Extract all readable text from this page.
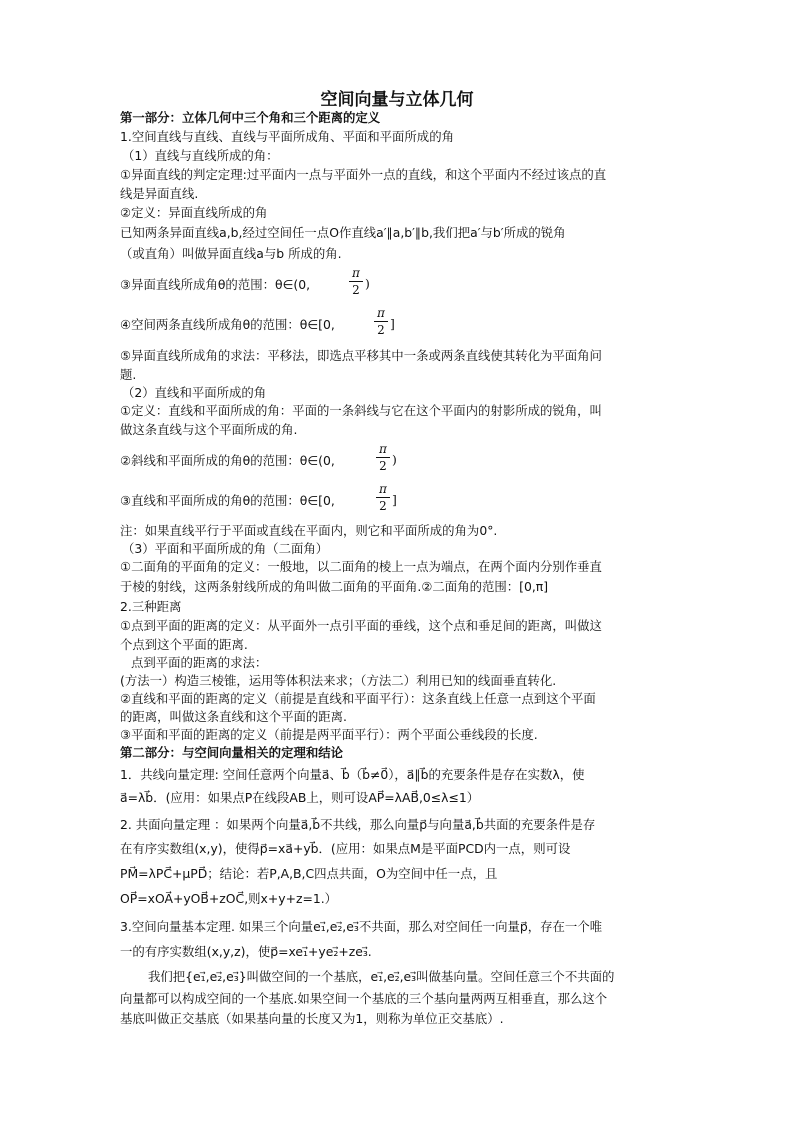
空间向量与立体几何
第一部分：立体几何中三个角和三个距离的定义
1.空间直线与直线、直线与平面所成角、平面和平面所成的角
（1）直线与直线所成的角：
①异面直线的判定定理:过平面内一点与平面外一点的直线，和这个平面内不经过该点的直
线是异面直线.
②定义：异面直线所成的角
已知两条异面直线a,b,经过空间任一点O作直线a′∥a,b′∥b,我们把a′与b′所成的锐角
（或直角）叫做异面直线a与b 所成的角.
③异面直线所成角θ的范围：θ∈(0,
π
2 )
④空间两条直线所成角θ的范围：θ∈[0,
π
2 ]
⑤异面直线所成角的求法：平移法，即选点平移其中一条或两条直线使其转化为平面角问
题.
（2）直线和平面所成的角
①定义：直线和平面所成的角：平面的一条斜线与它在这个平面内的射影所成的锐角，叫
做这条直线与这个平面所成的角.
②斜线和平面所成的角θ的范围：θ∈(0,
π
2 )
③直线和平面所成的角θ的范围：θ∈[0,
π
2 ]
注：如果直线平行于平面或直线在平面内，则它和平面所成的角为0°.
（3）平面和平面所成的角（二面角）
①二面角的平面角的定义：一般地，以二面角的棱上一点为端点，在两个面内分别作垂直
于棱的射线，这两条射线所成的角叫做二面角的平面角.②二面角的范围：[0,π]
2.三种距离
①点到平面的距离的定义：从平面外一点引平面的垂线，这个点和垂足间的距离，叫做这
个点到这个平面的距离.
点到平面的距离的求法：
(方法一）构造三棱锥，运用等体积法来求；（方法二）利用已知的线面垂直转化.
②直线和平面的距离的定义（前提是直线和平面平行）：这条直线上任意一点到这个平面
的距离，叫做这条直线和这个平面的距离.
③平面和平面的距离的定义（前提是两平面平行）：两个平面公垂线段的长度.
第二部分：与空间向量相关的定理和结论
1．共线向量定理: 空间任意两个向量a⃗、b⃗（b⃗≠0⃗），a⃗∥b⃗的充要条件是存在实数λ，使
a⃗=λb⃗．(应用：如果点P在线段AB上，则可设AP⃗=λAB⃗,0≤λ≤1）
2. 共面向量定理 ：如果两个向量a⃗,b⃗不共线，那么向量p⃗与向量a⃗,b⃗共面的充要条件是存
在有序实数组(x,y)，使得p⃗=xa⃗+yb⃗．(应用：如果点M是平面PCD内一点，则可设
PM⃗=λPC⃗+μPD⃗；结论：若P,A,B,C四点共面，O为空间中任一点，且
OP⃗=xOA⃗+yOB⃗+zOC⃗,则x+y+z=1.）
3.空间向量基本定理. 如果三个向量e₁⃗,e₂⃗,e₃⃗不共面，那么对空间任一向量p⃗，存在一个唯
一的有序实数组(x,y,z)，使p⃗=xe₁⃗+ye₂⃗+ze₃⃗.
我们把{e₁⃗,e₂⃗,e₃⃗}叫做空间的一个基底，e₁⃗,e₂⃗,e₃⃗叫做基向量。空间任意三个不共面的
向量都可以构成空间的一个基底.如果空间一个基底的三个基向量两两互相垂直，那么这个
基底叫做正交基底（如果基向量的长度又为1，则称为单位正交基底）.
